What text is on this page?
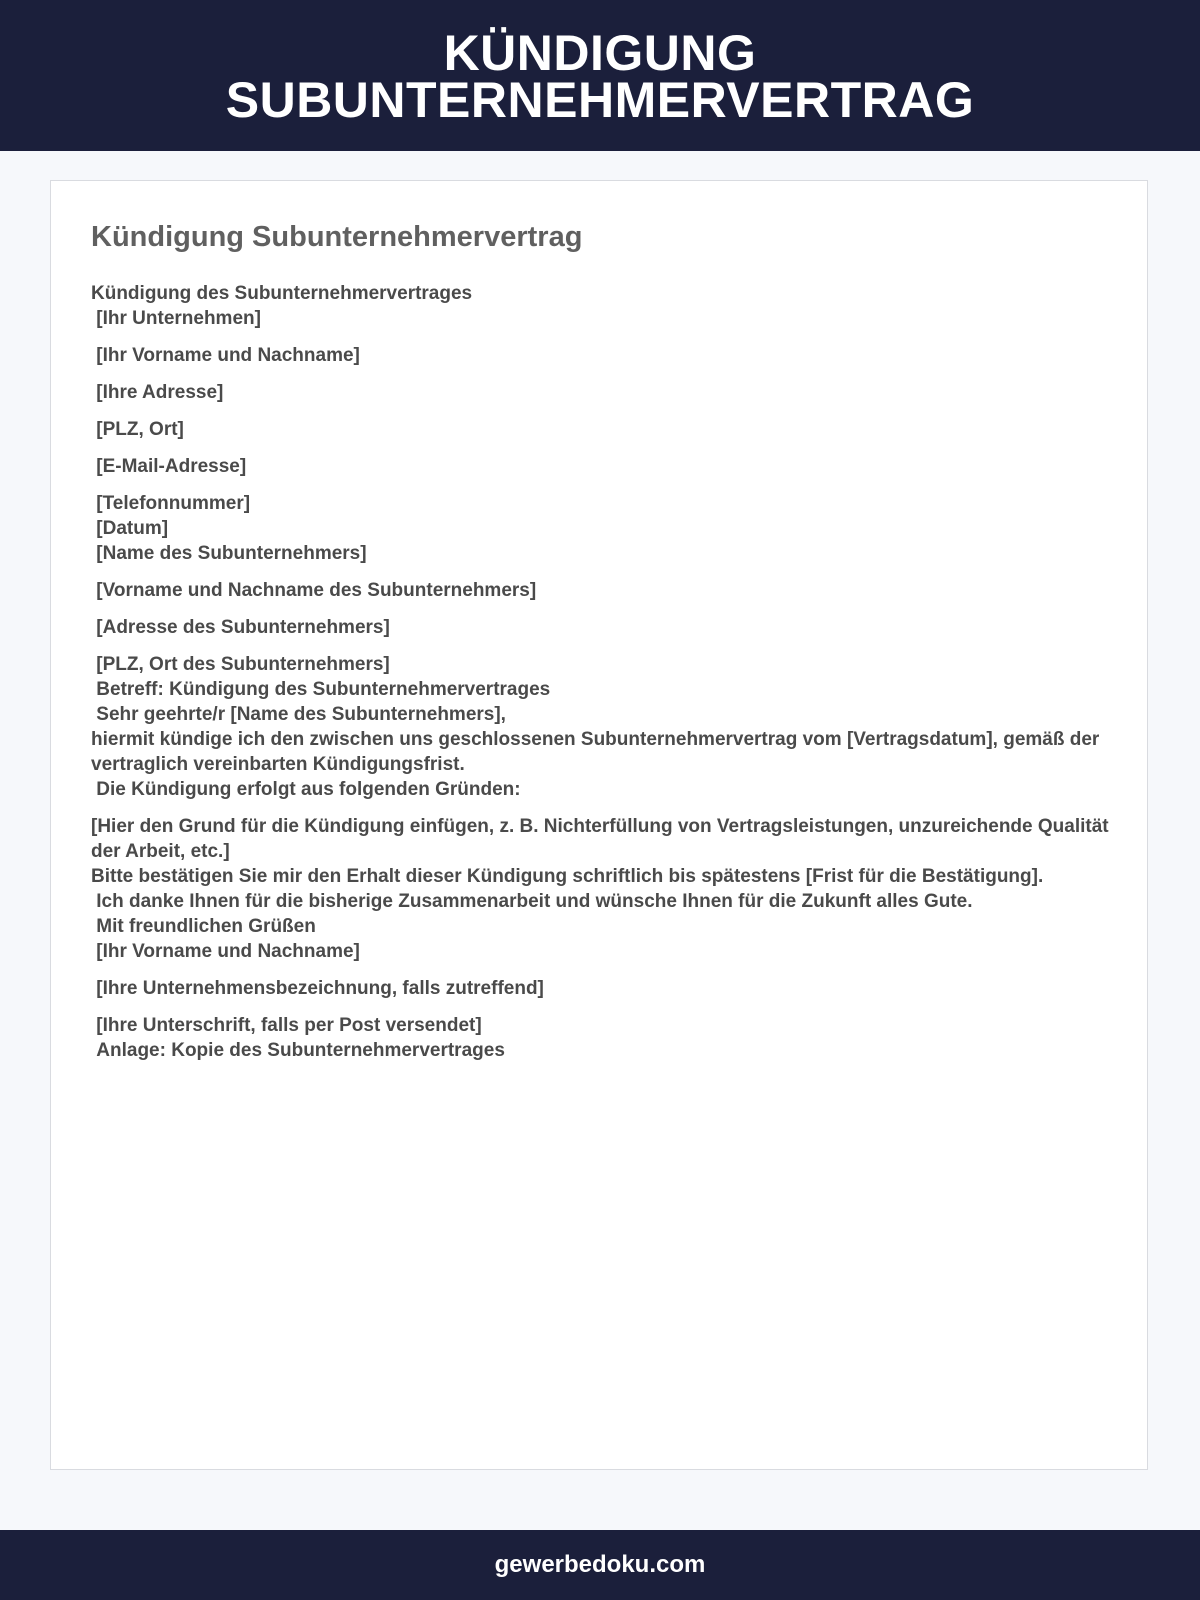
KÜNDIGUNG
SUBUNTERNEHMERVERTRAG
Kündigung Subunternehmervertrag
Kündigung des Subunternehmervertrages
[Ihr Unternehmen]
[Ihr Vorname und Nachname]
[Ihre Adresse]
[PLZ, Ort]
[E-Mail-Adresse]
[Telefonnummer]
[Datum]
[Name des Subunternehmers]
[Vorname und Nachname des Subunternehmers]
[Adresse des Subunternehmers]
[PLZ, Ort des Subunternehmers]
Betreff: Kündigung des Subunternehmervertrages
Sehr geehrte/r [Name des Subunternehmers],
hiermit kündige ich den zwischen uns geschlossenen Subunternehmervertrag vom [Vertragsdatum], gemäß der vertraglich vereinbarten Kündigungsfrist.
Die Kündigung erfolgt aus folgenden Gründen:
[Hier den Grund für die Kündigung einfügen, z. B. Nichterfüllung von Vertragsleistungen, unzureichende Qualität der Arbeit, etc.]
Bitte bestätigen Sie mir den Erhalt dieser Kündigung schriftlich bis spätestens [Frist für die Bestätigung].
Ich danke Ihnen für die bisherige Zusammenarbeit und wünsche Ihnen für die Zukunft alles Gute.
Mit freundlichen Grüßen
[Ihr Vorname und Nachname]
[Ihre Unternehmensbezeichnung, falls zutreffend]
[Ihre Unterschrift, falls per Post versendet]
Anlage: Kopie des Subunternehmervertrages
gewerbedoku.com
